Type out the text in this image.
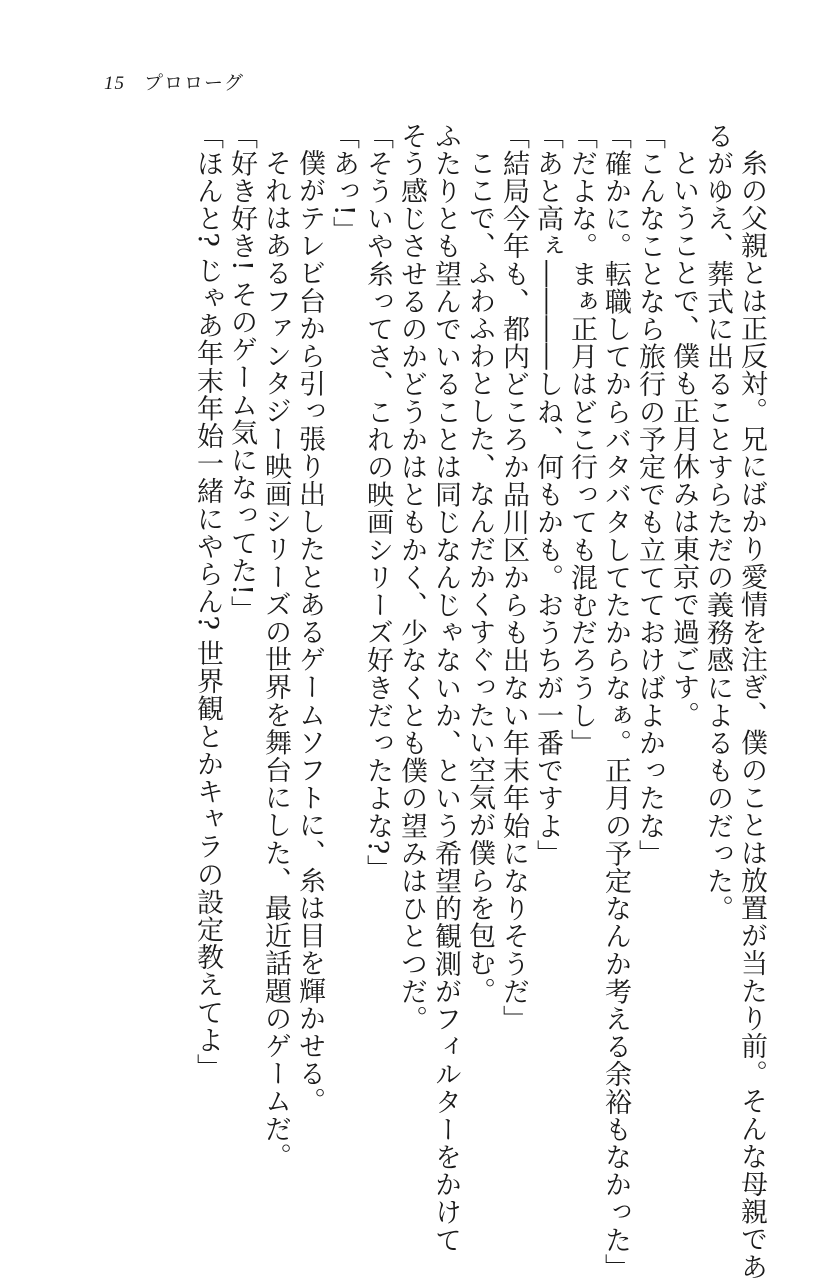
15 プロローグ
糸の父親とは正反対。兄にばかり愛情を注ぎ、僕のことは放置が当たり前。そんな母親であ
るがゆえ、葬式に出ることすらただの義務感によるものだった。
ということで、僕も正月休みは東京で過ごす。
「こんなことなら旅行の予定でも立てておけばよかったな」
「確かに。転職してからバタバタしてたからなぁ。正月の予定なんか考える余裕もなかった」
「だよな。まぁ正月はどこ行っても混むだろうし」
「あと高ぇ――――しね、何もかも。おうちが一番ですよ」
「結局今年も、都内どころか品川区からも出ない年末年始になりそうだ」
ここで、ふわふわとした、なんだかくすぐったい空気が僕らを包む。
ふたりとも望んでいることは同じなんじゃないか、という希望的観測がフィルターをかけて
そう感じさせるのかどうかはともかく、少なくとも僕の望みはひとつだ。
「そういや糸ってさ、これの映画シリーズ好きだったよな?」
「あっ!」
僕がテレビ台から引っ張り出したとあるゲームソフトに、糸は目を輝かせる。
それはあるファンタジー映画シリーズの世界を舞台にした、最近話題のゲームだ。
「好き好き! そのゲーム気になってた!」
「ほんと? じゃあ年末年始一緒にやらん? 世界観とかキャラの設定教えてよ」
